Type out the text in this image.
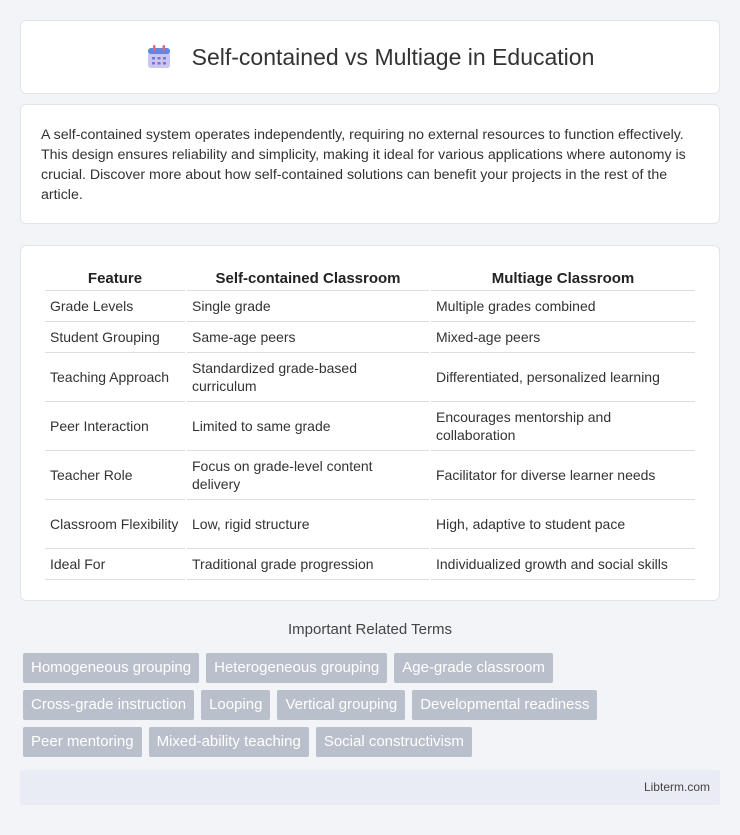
Self-contained vs Multiage in Education

A self-contained system operates independently, requiring no external resources to function effectively. This design ensures reliability and simplicity, making it ideal for various applications where autonomy is crucial. Discover more about how self-contained solutions can benefit your projects in the rest of the article.

Feature	Self-contained Classroom	Multiage Classroom
Grade Levels	Single grade	Multiple grades combined
Student Grouping	Same-age peers	Mixed-age peers
Teaching Approach	Standardized grade-based curriculum	Differentiated, personalized learning
Peer Interaction	Limited to same grade	Encourages mentorship and collaboration
Teacher Role	Focus on grade-level content delivery	Facilitator for diverse learner needs
Classroom Flexibility	Low, rigid structure	High, adaptive to student pace
Ideal For	Traditional grade progression	Individualized growth and social skills
Important Related Terms
Homogeneous grouping	Heterogeneous grouping	Age-grade classroom
Cross-grade instruction	Looping	Vertical grouping	Developmental readiness
Peer mentoring	Mixed-ability teaching	Social constructivism
Libterm.com
